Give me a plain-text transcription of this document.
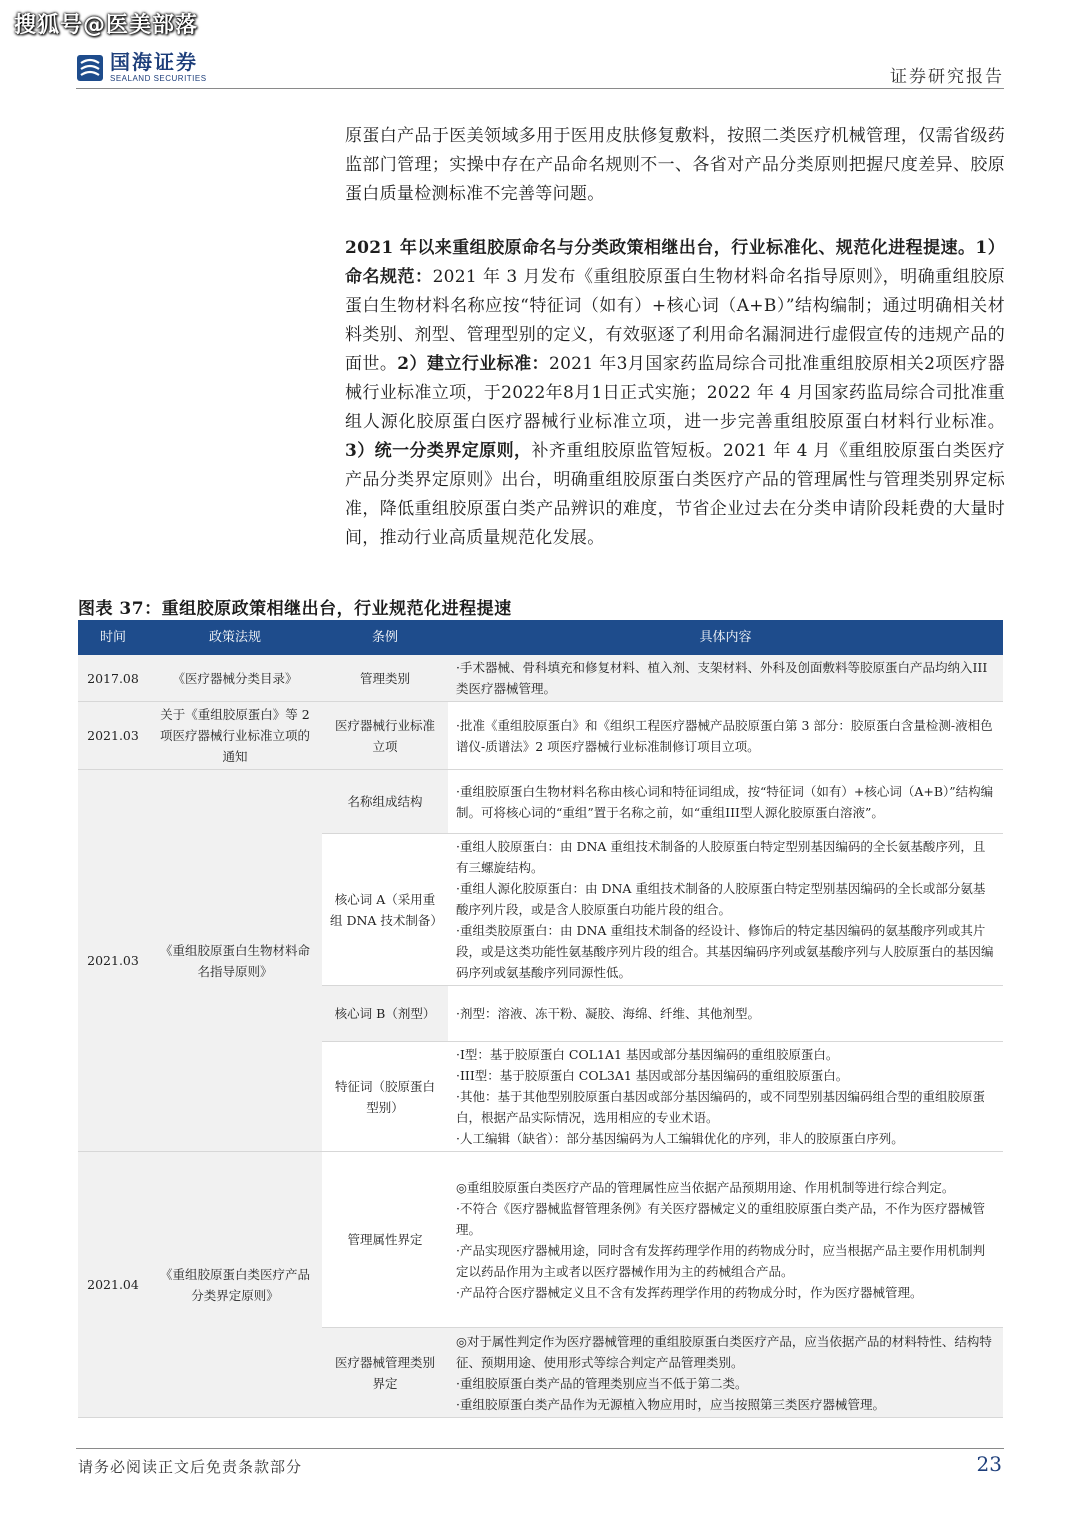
搜狐号@医美部落
国海证券
SEALAND SECURITIES	证券研究报告
原蛋白产品于医美领域多用于医用皮肤修复敷料，按照二类医疗机械管理，仅需省级药监部门管理；实操中存在产品命名规则不一、各省对产品分类原则把握尺度差异、胶原蛋白质量检测标准不完善等问题。
2021 年以来重组胶原命名与分类政策相继出台，行业标准化、规范化进程提速。1）命名规范：2021 年 3 月发布《重组胶原蛋白生物材料命名指导原则》，明确重组胶原蛋白生物材料名称应按“特征词（如有）+核心词（A+B）”结构编制；通过明确相关材料类别、剂型、管理型别的定义，有效驱逐了利用命名漏洞进行虚假宣传的违规产品的面世。2）建立行业标准：2021 年3月国家药监局综合司批准重组胶原相关2项医疗器械行业标准立项，于2022年8月1日正式实施；2022 年 4 月国家药监局综合司批准重组人源化胶原蛋白医疗器械行业标准立项，进一步完善重组胶原蛋白材料行业标准。3）统一分类界定原则，补齐重组胶原监管短板。2021 年 4 月《重组胶原蛋白类医疗产品分类界定原则》出台，明确重组胶原蛋白类医疗产品的管理属性与管理类别界定标准，降低重组胶原蛋白类产品辨识的难度，节省企业过去在分类申请阶段耗费的大量时间，推动行业高质量规范化发展。
图表 37：重组胶原政策相继出台，行业规范化进程提速
时间	政策法规	条例	具体内容
2017.08	《医疗器械分类目录》	管理类别	·手术器械、骨科填充和修复材料、植入剂、支架材料、外科及创面敷料等胶原蛋白产品均纳入III类医疗器械管理。

2021.03	关于《重组胶原蛋白》等 2 项医疗器械行业标准立项的通知	医疗器械行业标准立项	·批准《重组胶原蛋白》和《组织工程医疗器械产品胶原蛋白第 3 部分：胶原蛋白含量检测-液相色谱仪-质谱法》2 项医疗器械行业标准制修订项目立项。

2021.03	《重组胶原蛋白生物材料命名指导原则》	名称组成结构	·重组胶原蛋白生物材料名称由核心词和特征词组成，按“特征词（如有）+核心词（A+B）”结构编制。可将核心词的“重组”置于名称之前，如“重组III型人源化胶原蛋白溶液”。

		核心词 A（采用重组 DNA 技术制备）	·重组人胶原蛋白：由 DNA 重组技术制备的人胶原蛋白特定型别基因编码的全长氨基酸序列，且有三螺旋结构。
·重组人源化胶原蛋白：由 DNA 重组技术制备的人胶原蛋白特定型别基因编码的全长或部分氨基酸序列片段，或是含人胶原蛋白功能片段的组合。
·重组类胶原蛋白：由 DNA 重组技术制备的经设计、修饰后的特定基因编码的氨基酸序列或其片段，或是这类功能性氨基酸序列片段的组合。其基因编码序列或氨基酸序列与人胶原蛋白的基因编码序列或氨基酸序列同源性低。

		核心词 B（剂型）	·剂型：溶液、冻干粉、凝胶、海绵、纤维、其他剂型。

		特征词（胶原蛋白型别）	·I型：基于胶原蛋白 COL1A1 基因或部分基因编码的重组胶原蛋白。
·III型：基于胶原蛋白 COL3A1 基因或部分基因编码的重组胶原蛋白。
·其他：基于其他型别胶原蛋白基因或部分基因编码的，或不同型别基因编码组合型的重组胶原蛋白，根据产品实际情况，选用相应的专业术语。
·人工编辑（缺省）：部分基因编码为人工编辑优化的序列，非人的胶原蛋白序列。

2021.04	《重组胶原蛋白类医疗产品分类界定原则》	管理属性界定	◎重组胶原蛋白类医疗产品的管理属性应当依据产品预期用途、作用机制等进行综合判定。
·不符合《医疗器械监督管理条例》有关医疗器械定义的重组胶原蛋白类产品，不作为医疗器械管理。
·产品实现医疗器械用途，同时含有发挥药理学作用的药物成分时，应当根据产品主要作用机制判定以药品作用为主或者以医疗器械作用为主的药械组合产品。
·产品符合医疗器械定义且不含有发挥药理学作用的药物成分时，作为医疗器械管理。

		医疗器械管理类别界定	◎对于属性判定作为医疗器械管理的重组胶原蛋白类医疗产品，应当依据产品的材料特性、结构特征、预期用途、使用形式等综合判定产品管理类别。
·重组胶原蛋白类产品的管理类别应当不低于第二类。
·重组胶原蛋白类产品作为无源植入物应用时，应当按照第三类医疗器械管理。
请务必阅读正文后免责条款部分	23
